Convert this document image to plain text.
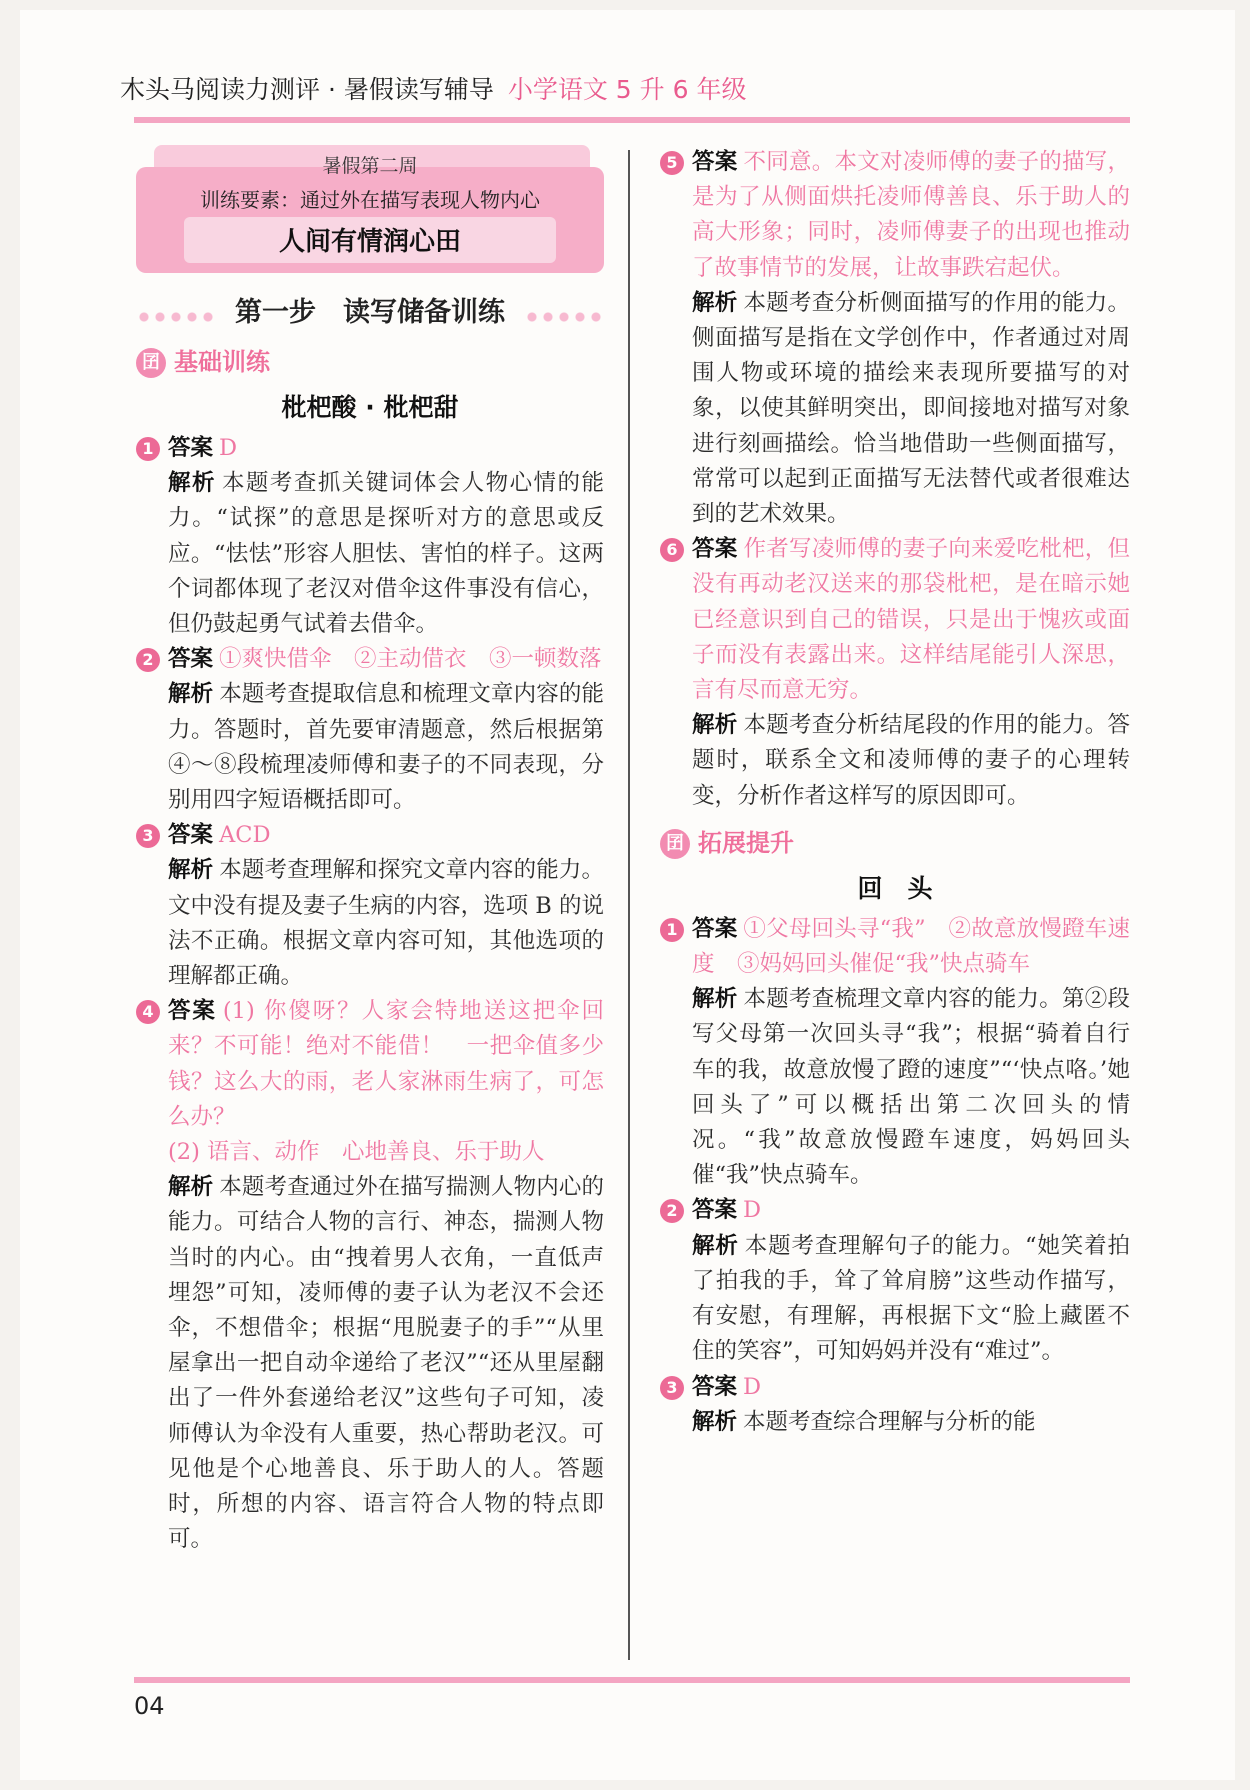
木头马阅读力测评 · 暑假读写辅导 小学语文 5 升 6 年级
暑假第二周
训练要素：通过外在描写表现人物内心
人间有情润心田
第一步　读写储备训练
囝 基础训练
枇杷酸 · 枇杷甜
1 答案 D

解析 本题考查抓关键词体会人物心情的能力。“试探”的意思是探听对方的意思或反应。“怯怯”形容人胆怯、害怕的样子。这两个词都体现了老汉对借伞这件事没有信心，但仍鼓起勇气试着去借伞。

2 答案 ①爽快借伞　②主动借衣　③一顿数落

解析 本题考查提取信息和梳理文章内容的能力。答题时，首先要审清题意，然后根据第④～⑧段梳理凌师傅和妻子的不同表现，分别用四字短语概括即可。

3 答案 ACD

解析 本题考查理解和探究文章内容的能力。文中没有提及妻子生病的内容，选项 B 的说法不正确。根据文章内容可知，其他选项的理解都正确。

4 答案 (1) 你傻呀？人家会特地送这把伞回来？不可能！绝对不能借！　一把伞值多少钱？这么大的雨，老人家淋雨生病了，可怎么办？

(2) 语言、动作　心地善良、乐于助人

解析 本题考查通过外在描写揣测人物内心的能力。可结合人物的言行、神态，揣测人物当时的内心。由“拽着男人衣角，一直低声埋怨”可知，凌师傅的妻子认为老汉不会还伞，不想借伞；根据“甩脱妻子的手”“从里屋拿出一把自动伞递给了老汉”“还从里屋翻出了一件外套递给老汉”这些句子可知，凌师傅认为伞没有人重要，热心帮助老汉。可见他是个心地善良、乐于助人的人。答题时，所想的内容、语言符合人物的特点即可。

5 答案 不同意。本文对凌师傅的妻子的描写，是为了从侧面烘托凌师傅善良、乐于助人的高大形象；同时，凌师傅妻子的出现也推动了故事情节的发展，让故事跌宕起伏。

解析 本题考查分析侧面描写的作用的能力。侧面描写是指在文学创作中，作者通过对周围人物或环境的描绘来表现所要描写的对象，以使其鲜明突出，即间接地对描写对象进行刻画描绘。恰当地借助一些侧面描写，常常可以起到正面描写无法替代或者很难达到的艺术效果。

6 答案 作者写凌师傅的妻子向来爱吃枇杷，但没有再动老汉送来的那袋枇杷，是在暗示她已经意识到自己的错误，只是出于愧疚或面子而没有表露出来。这样结尾能引人深思，言有尽而意无穷。

解析 本题考查分析结尾段的作用的能力。答题时，联系全文和凌师傅的妻子的心理转变，分析作者这样写的原因即可。

囝 拓展提升
回　头
1 答案 ①父母回头寻“我”　②故意放慢蹬车速度　③妈妈回头催促“我”快点骑车

解析 本题考查梳理文章内容的能力。第②段写父母第一次回头寻“我”；根据“骑着自行车的我，故意放慢了蹬的速度”“‘快点咯。’她回头了”可以概括出第二次回头的情况。“我”故意放慢蹬车速度，妈妈回头催“我”快点骑车。

2 答案 D

解析 本题考查理解句子的能力。“她笑着拍了拍我的手，耸了耸肩膀”这些动作描写，有安慰，有理解，再根据下文“脸上藏匿不住的笑容”，可知妈妈并没有“难过”。

3 答案 D

解析 本题考查综合理解与分析的能

04
